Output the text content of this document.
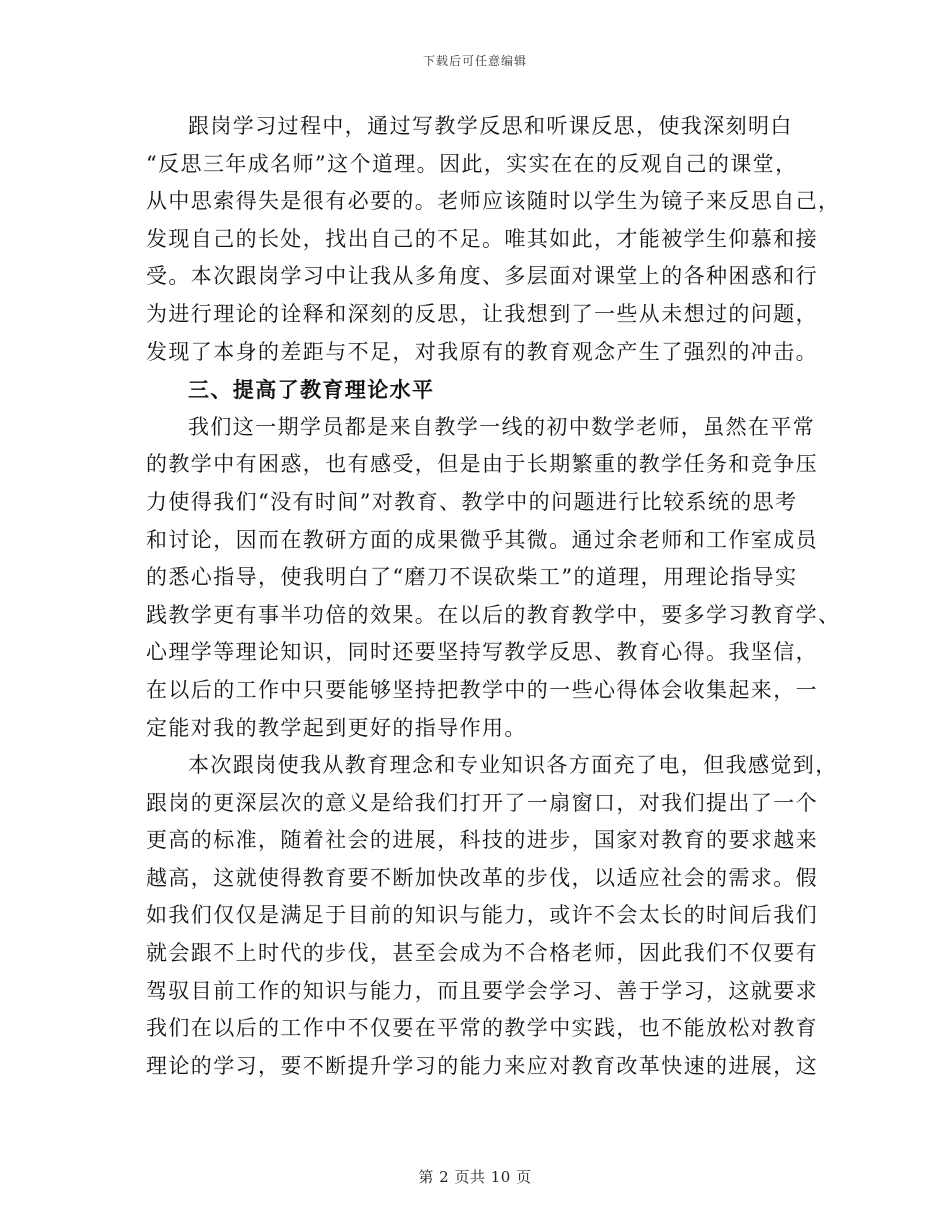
下载后可任意编辑
跟岗学习过程中，通过写教学反思和听课反思，使我深刻明白
“反思三年成名师”这个道理。因此，实实在在的反观自己的课堂，
从中思索得失是很有必要的。老师应该随时以学生为镜子来反思自己，
发现自己的长处，找出自己的不足。唯其如此，才能被学生仰慕和接
受。本次跟岗学习中让我从多角度、多层面对课堂上的各种困惑和行
为进行理论的诠释和深刻的反思，让我想到了一些从未想过的问题，
发现了本身的差距与不足，对我原有的教育观念产生了强烈的冲击。
三、提高了教育理论水平
我们这一期学员都是来自教学一线的初中数学老师，虽然在平常
的教学中有困惑，也有感受，但是由于长期繁重的教学任务和竞争压
力使得我们“没有时间”对教育、教学中的问题进行比较系统的思考
和讨论，因而在教研方面的成果微乎其微。通过余老师和工作室成员
的悉心指导，使我明白了“磨刀不误砍柴工”的道理，用理论指导实
践教学更有事半功倍的效果。在以后的教育教学中，要多学习教育学、
心理学等理论知识，同时还要坚持写教学反思、教育心得。我坚信，
在以后的工作中只要能够坚持把教学中的一些心得体会收集起来，一
定能对我的教学起到更好的指导作用。
本次跟岗使我从教育理念和专业知识各方面充了电，但我感觉到，
跟岗的更深层次的意义是给我们打开了一扇窗口，对我们提出了一个
更高的标准，随着社会的进展，科技的进步，国家对教育的要求越来
越高，这就使得教育要不断加快改革的步伐，以适应社会的需求。假
如我们仅仅是满足于目前的知识与能力，或许不会太长的时间后我们
就会跟不上时代的步伐，甚至会成为不合格老师，因此我们不仅要有
驾驭目前工作的知识与能力，而且要学会学习、善于学习，这就要求
我们在以后的工作中不仅要在平常的教学中实践，也不能放松对教育
理论的学习，要不断提升学习的能力来应对教育改革快速的进展，这
第 2 页共 10 页
